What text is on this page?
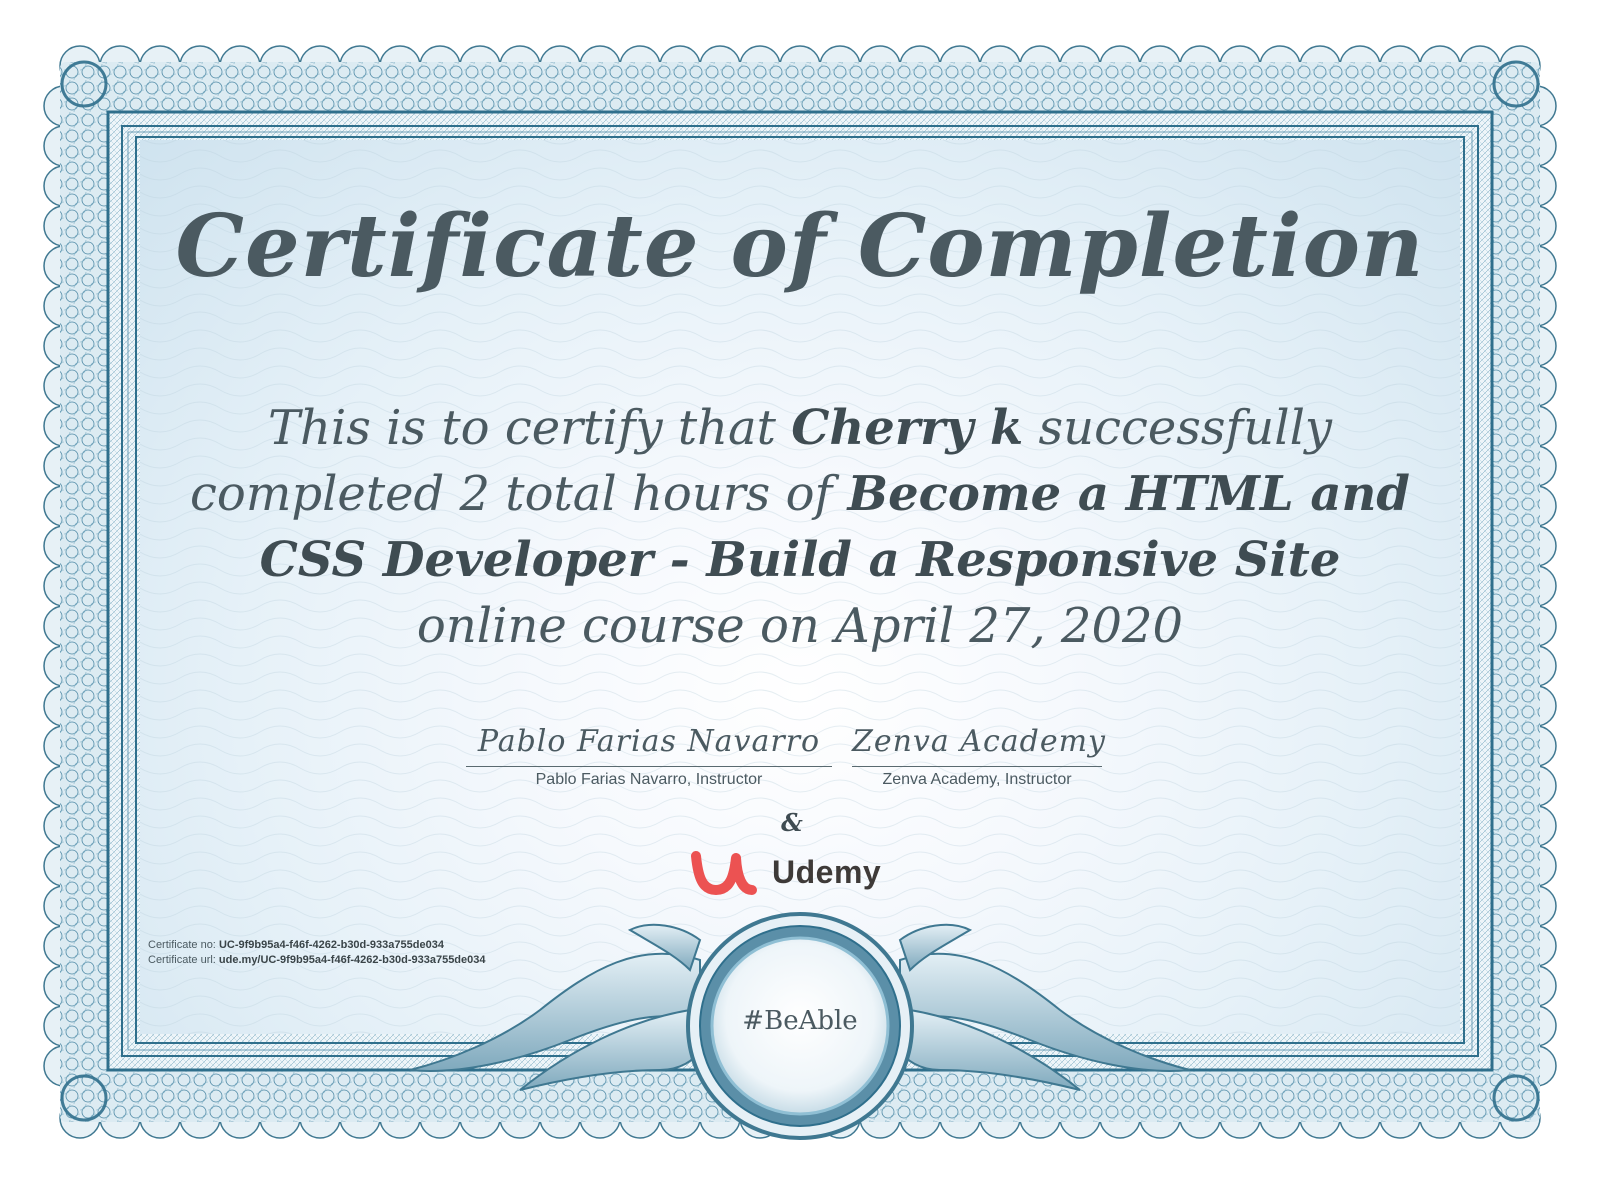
Certificate of Completion

This is to certify that Cherry k successfully completed 2 total hours of Become a HTML and CSS Developer - Build a Responsive Site online course on April 27, 2020

Pablo Farias Navarro
Pablo Farias Navarro, Instructor
Zenva Academy
Zenva Academy, Instructor
&
Udemy
Certificate no: UC-9f9b95a4-f46f-4262-b30d-933a755de034
Certificate url: ude.my/UC-9f9b95a4-f46f-4262-b30d-933a755de034
#BeAble
